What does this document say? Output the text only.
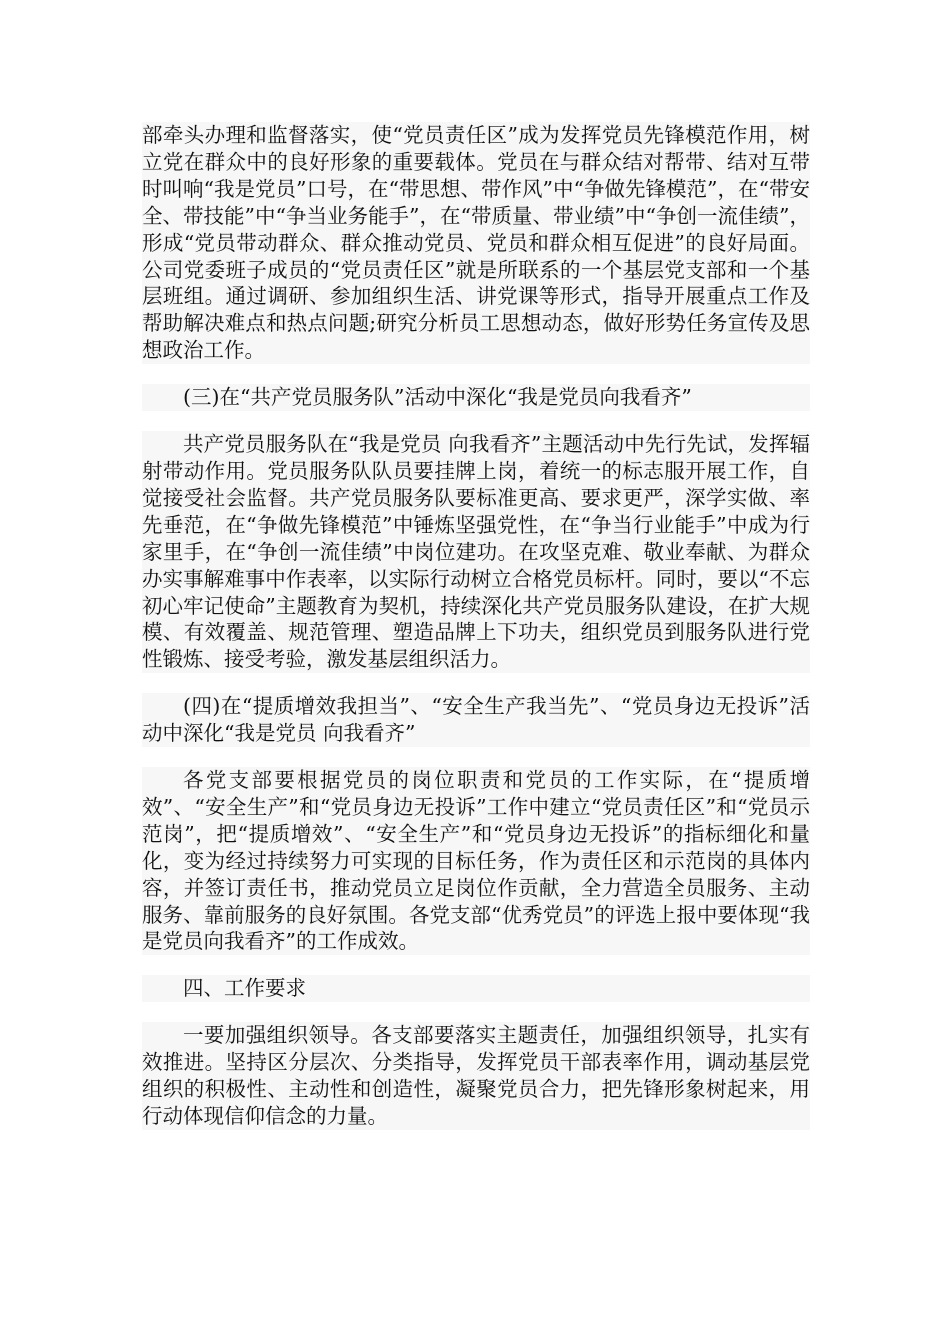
部牵头办理和监督落实，使“党员责任区”成为发挥党员先锋模范作用，树立党在群众中的良好形象的重要载体。党员在与群众结对帮带、结对互带时叫响“我是党员”口号，在“带思想、带作风”中“争做先锋模范”，在“带安全、带技能”中“争当业务能手”，在“带质量、带业绩”中“争创一流佳绩”，形成“党员带动群众、群众推动党员、党员和群众相互促进”的良好局面。公司党委班子成员的“党员责任区”就是所联系的一个基层党支部和一个基层班组。通过调研、参加组织生活、讲党课等形式，指导开展重点工作及帮助解决难点和热点问题;研究分析员工思想动态，做好形势任务宣传及思想政治工作。

(三)在“共产党员服务队”活动中深化“我是党员向我看齐”

共产党员服务队在“我是党员 向我看齐”主题活动中先行先试，发挥辐射带动作用。党员服务队队员要挂牌上岗，着统一的标志服开展工作，自觉接受社会监督。共产党员服务队要标准更高、要求更严，深学实做、率先垂范，在“争做先锋模范”中锤炼坚强党性，在“争当行业能手”中成为行家里手，在“争创一流佳绩”中岗位建功。在攻坚克难、敬业奉献、为群众办实事解难事中作表率，以实际行动树立合格党员标杆。同时，要以“不忘初心牢记使命”主题教育为契机，持续深化共产党员服务队建设，在扩大规模、有效覆盖、规范管理、塑造品牌上下功夫，组织党员到服务队进行党性锻炼、接受考验，激发基层组织活力。

(四)在“提质增效我担当”、“安全生产我当先”、“党员身边无投诉”活动中深化“我是党员 向我看齐”

各党支部要根据党员的岗位职责和党员的工作实际，在“提质增效”、“安全生产”和“党员身边无投诉”工作中建立“党员责任区”和“党员示范岗”，把“提质增效”、“安全生产”和“党员身边无投诉”的指标细化和量化，变为经过持续努力可实现的目标任务，作为责任区和示范岗的具体内容，并签订责任书，推动党员立足岗位作贡献，全力营造全员服务、主动服务、靠前服务的良好氛围。各党支部“优秀党员”的评选上报中要体现“我是党员向我看齐”的工作成效。

四、工作要求

一要加强组织领导。各支部要落实主题责任，加强组织领导，扎实有效推进。坚持区分层次、分类指导，发挥党员干部表率作用，调动基层党组织的积极性、主动性和创造性，凝聚党员合力，把先锋形象树起来，用行动体现信仰信念的力量。
